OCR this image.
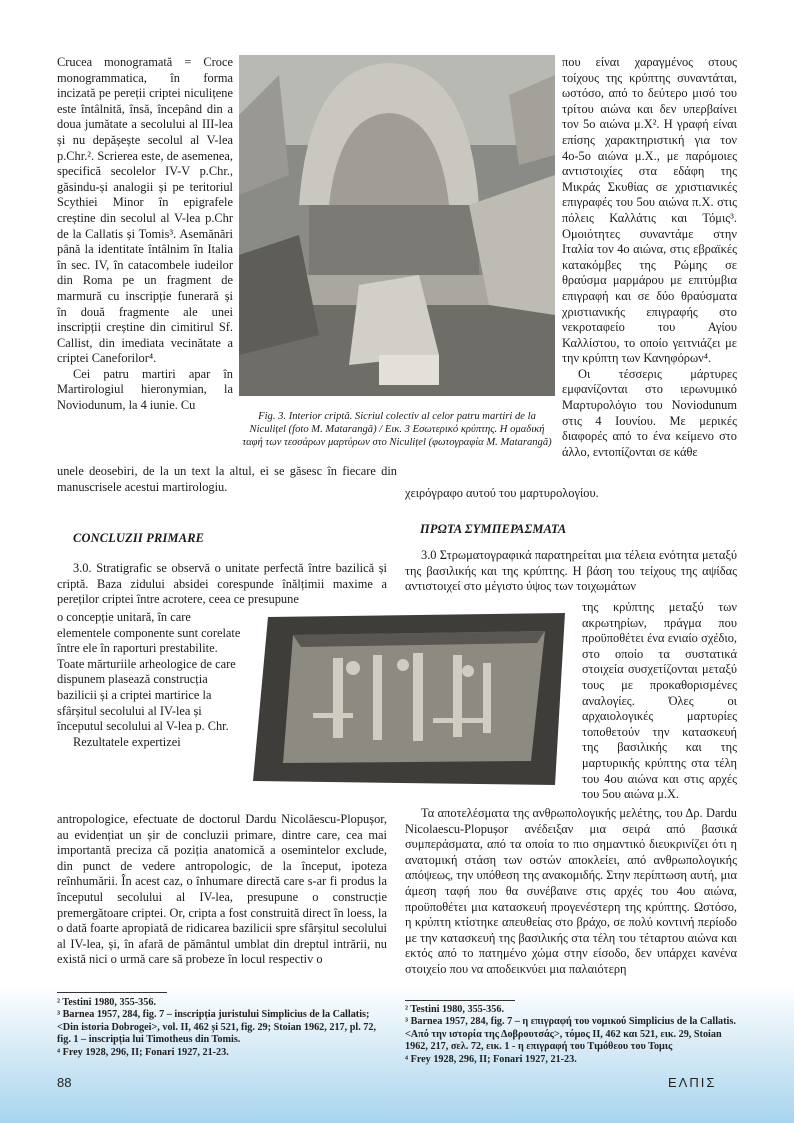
Crucea monogramată = Croce monogrammatica, în forma incizată pe pereții criptei niculițene este întâlnită, însă, începând din a doua jumătate a secolului al III-lea și nu depășește secolul al V-lea p.Chr.². Scrierea este, de asemenea, specifică secolelor IV-V p.Chr., găsindu-și analogii și pe teritoriul Scythiei Minor în epigrafele creștine din secolul al V-lea p.Chr de la Callatis și Tomis³. Asemănări până la identitate întâlnim în Italia în sec. IV, în catacombele iudeilor din Roma pe un fragment de marmură cu inscripție funerară și în două fragmente ale unei inscripții creștine din cimitirul Sf. Callist, din imediata vecinătate a criptei Caneforilor⁴.

Cei patru martiri apar în Martirologiul hieronymian, la Noviodunum, la 4 iunie. Cu

unele deosebiri, de la un text la altul, ei se găsesc în fiecare din manuscrisele acestui martirologiu.

Fig. 3. Interior criptă. Sicriul colectiv al celor patru martiri de la Niculițel (foto M. Matarangă) / Εικ. 3 Εσωτερικό κρύπτης. Η ομαδική ταφή των τεσσάρων μαρτύρων στο Niculițel (φωτογραφία M. Matarangă)

που είναι χαραγμένος στους τοίχους της κρύπτης συναντάται, ωστόσο, από το δεύτερο μισό του τρίτου αιώνα και δεν υπερβαίνει τον 5ο αιώνα μ.Χ². Η γραφή είναι επίσης χαρακτηριστική για τον 4ο-5ο αιώνα μ.Χ., με παρόμοιες αντιστοιχίες στα εδάφη της Μικράς Σκυθίας σε χριστιανικές επιγραφές του 5ου αιώνα π.Χ. στις πόλεις Καλλάτις και Τόμις³. Ομοιότητες συναντάμε στην Ιταλία τον 4ο αιώνα, στις εβραϊκές κατακόμβες της Ρώμης σε θραύσμα μαρμάρου με επιτύμβια επιγραφή και σε δύο θραύσματα χριστιανικής επιγραφής στο νεκροταφείο του Αγίου Καλλίστου, το οποίο γειτνιάζει με την κρύπτη των Κανηφόρων⁴.

Οι τέσσερις μάρτυρες εμφανίζονται στο ιερωνυμικό Μαρτυρολόγιο του Noviodunum στις 4 Ιουνίου. Με μερικές διαφορές από το ένα κείμενο στο άλλο, εντοπίζονται σε κάθε

χειρόγραφο αυτού του μαρτυρολογίου.

CONCLUZII PRIMARE
ΠΡΩΤΑ ΣΥΜΠΕΡΑΣΜΑΤΑ

3.0. Stratigrafic se observă o unitate perfectă între bazilică și criptă. Baza zidului absidei corespunde înălțimii maxime a pereților criptei între acrotere, ceea ce presupune

o concepție unitară, în care elementele componente sunt corelate între ele în raporturi prestabilite. Toate mărturiile arheologice de care dispunem plasează construcția bazilicii și a criptei martirice la sfârșitul secolului al IV-lea și începutul secolului al V-lea p. Chr.

Rezultatele expertizei

antropologice, efectuate de doctorul Dardu Nicolăescu-Plopușor, au evidențiat un șir de concluzii primare, dintre care, cea mai importantă preciza că poziția anatomică a osemintelor exclude, din punct de vedere antropologic, de la început, ipoteza reînhumării. În acest caz, o înhumare directă care s-ar fi produs la începutul secolului al IV-lea, presupune o construcție premergătoare criptei. Or, cripta a fost construită direct în loess, la o dată foarte apropiată de ridicarea bazilicii spre sfârșitul secolului al IV-lea, și, în afară de pământul umblat din dreptul intrării, nu există nici o urmă care să probeze în locul respectiv o

3.0 Στρωματογραφικά παρατηρείται μια τέλεια ενότητα μεταξύ της βασιλικής και της κρύπτης. Η βάση του τείχους της αψίδας αντιστοιχεί στο μέγιστο ύψος των τοιχωμάτων

της κρύπτης μεταξύ των ακρωτηρίων, πράγμα που προϋποθέτει ένα ενιαίο σχέδιο, στο οποίο τα συστατικά στοιχεία συσχετίζονται μεταξύ τους με προκαθορισμένες αναλογίες. Όλες οι αρχαιολογικές μαρτυρίες τοποθετούν την κατασκευή της βασιλικής και της μαρτυρικής κρύπτης στα τέλη του 4ου αιώνα και στις αρχές του 5ου αιώνα μ.Χ.

Τα αποτελέσματα της ανθρωπολογικής μελέτης, του Δρ. Dardu Nicolaescu-Plopușor ανέδειξαν μια σειρά από βασικά συμπεράσματα, από τα οποία το πιο σημαντικό διευκρινίζει ότι η ανατομική στάση των οστών αποκλείει, από ανθρωπολογικής απόψεως, την υπόθεση της ανακομιδής. Στην περίπτωση αυτή, μια άμεση ταφή που θα συνέβαινε στις αρχές του 4ου αιώνα, προϋποθέτει μια κατασκευή προγενέστερη της κρύπτης. Ωστόσο, η κρύπτη κτίστηκε απευθείας στο βράχο, σε πολύ κοντινή περίοδο με την κατασκευή της βασιλικής στα τέλη του τέταρτου αιώνα και εκτός από το πατημένο χώμα στην είσοδο, δεν υπάρχει κανένα στοιχείο που να αποδεικνύει μια παλαιότερη

² Testini 1980, 355-356.

³ Barnea 1957, 284, fig. 7 – inscripția juristului Simplicius de la Callatis; <Din istoria Dobrogei>, vol. II, 462 și 521, fig. 29; Stoian 1962, 217, pl. 72, fig. 1 – inscripția lui Timotheus din Tomis.

⁴ Frey 1928, 296, II; Fonari 1927, 21-23.

² Testini 1980, 355-356.

³ Barnea 1957, 284, fig. 7 – η επιγραφή του νομικού Simplicius de la Callatis. <Από την ιστορία της Δοβρουτσάς>, τόμος II, 462 και 521, εικ. 29, Stoian 1962, 217, σελ. 72, εικ. 1 - η επιγραφή του Τιμόθεου του Τομις

⁴ Frey 1928, 296, II; Fonari 1927, 21-23.

88	ΕΛΠΙΣ
